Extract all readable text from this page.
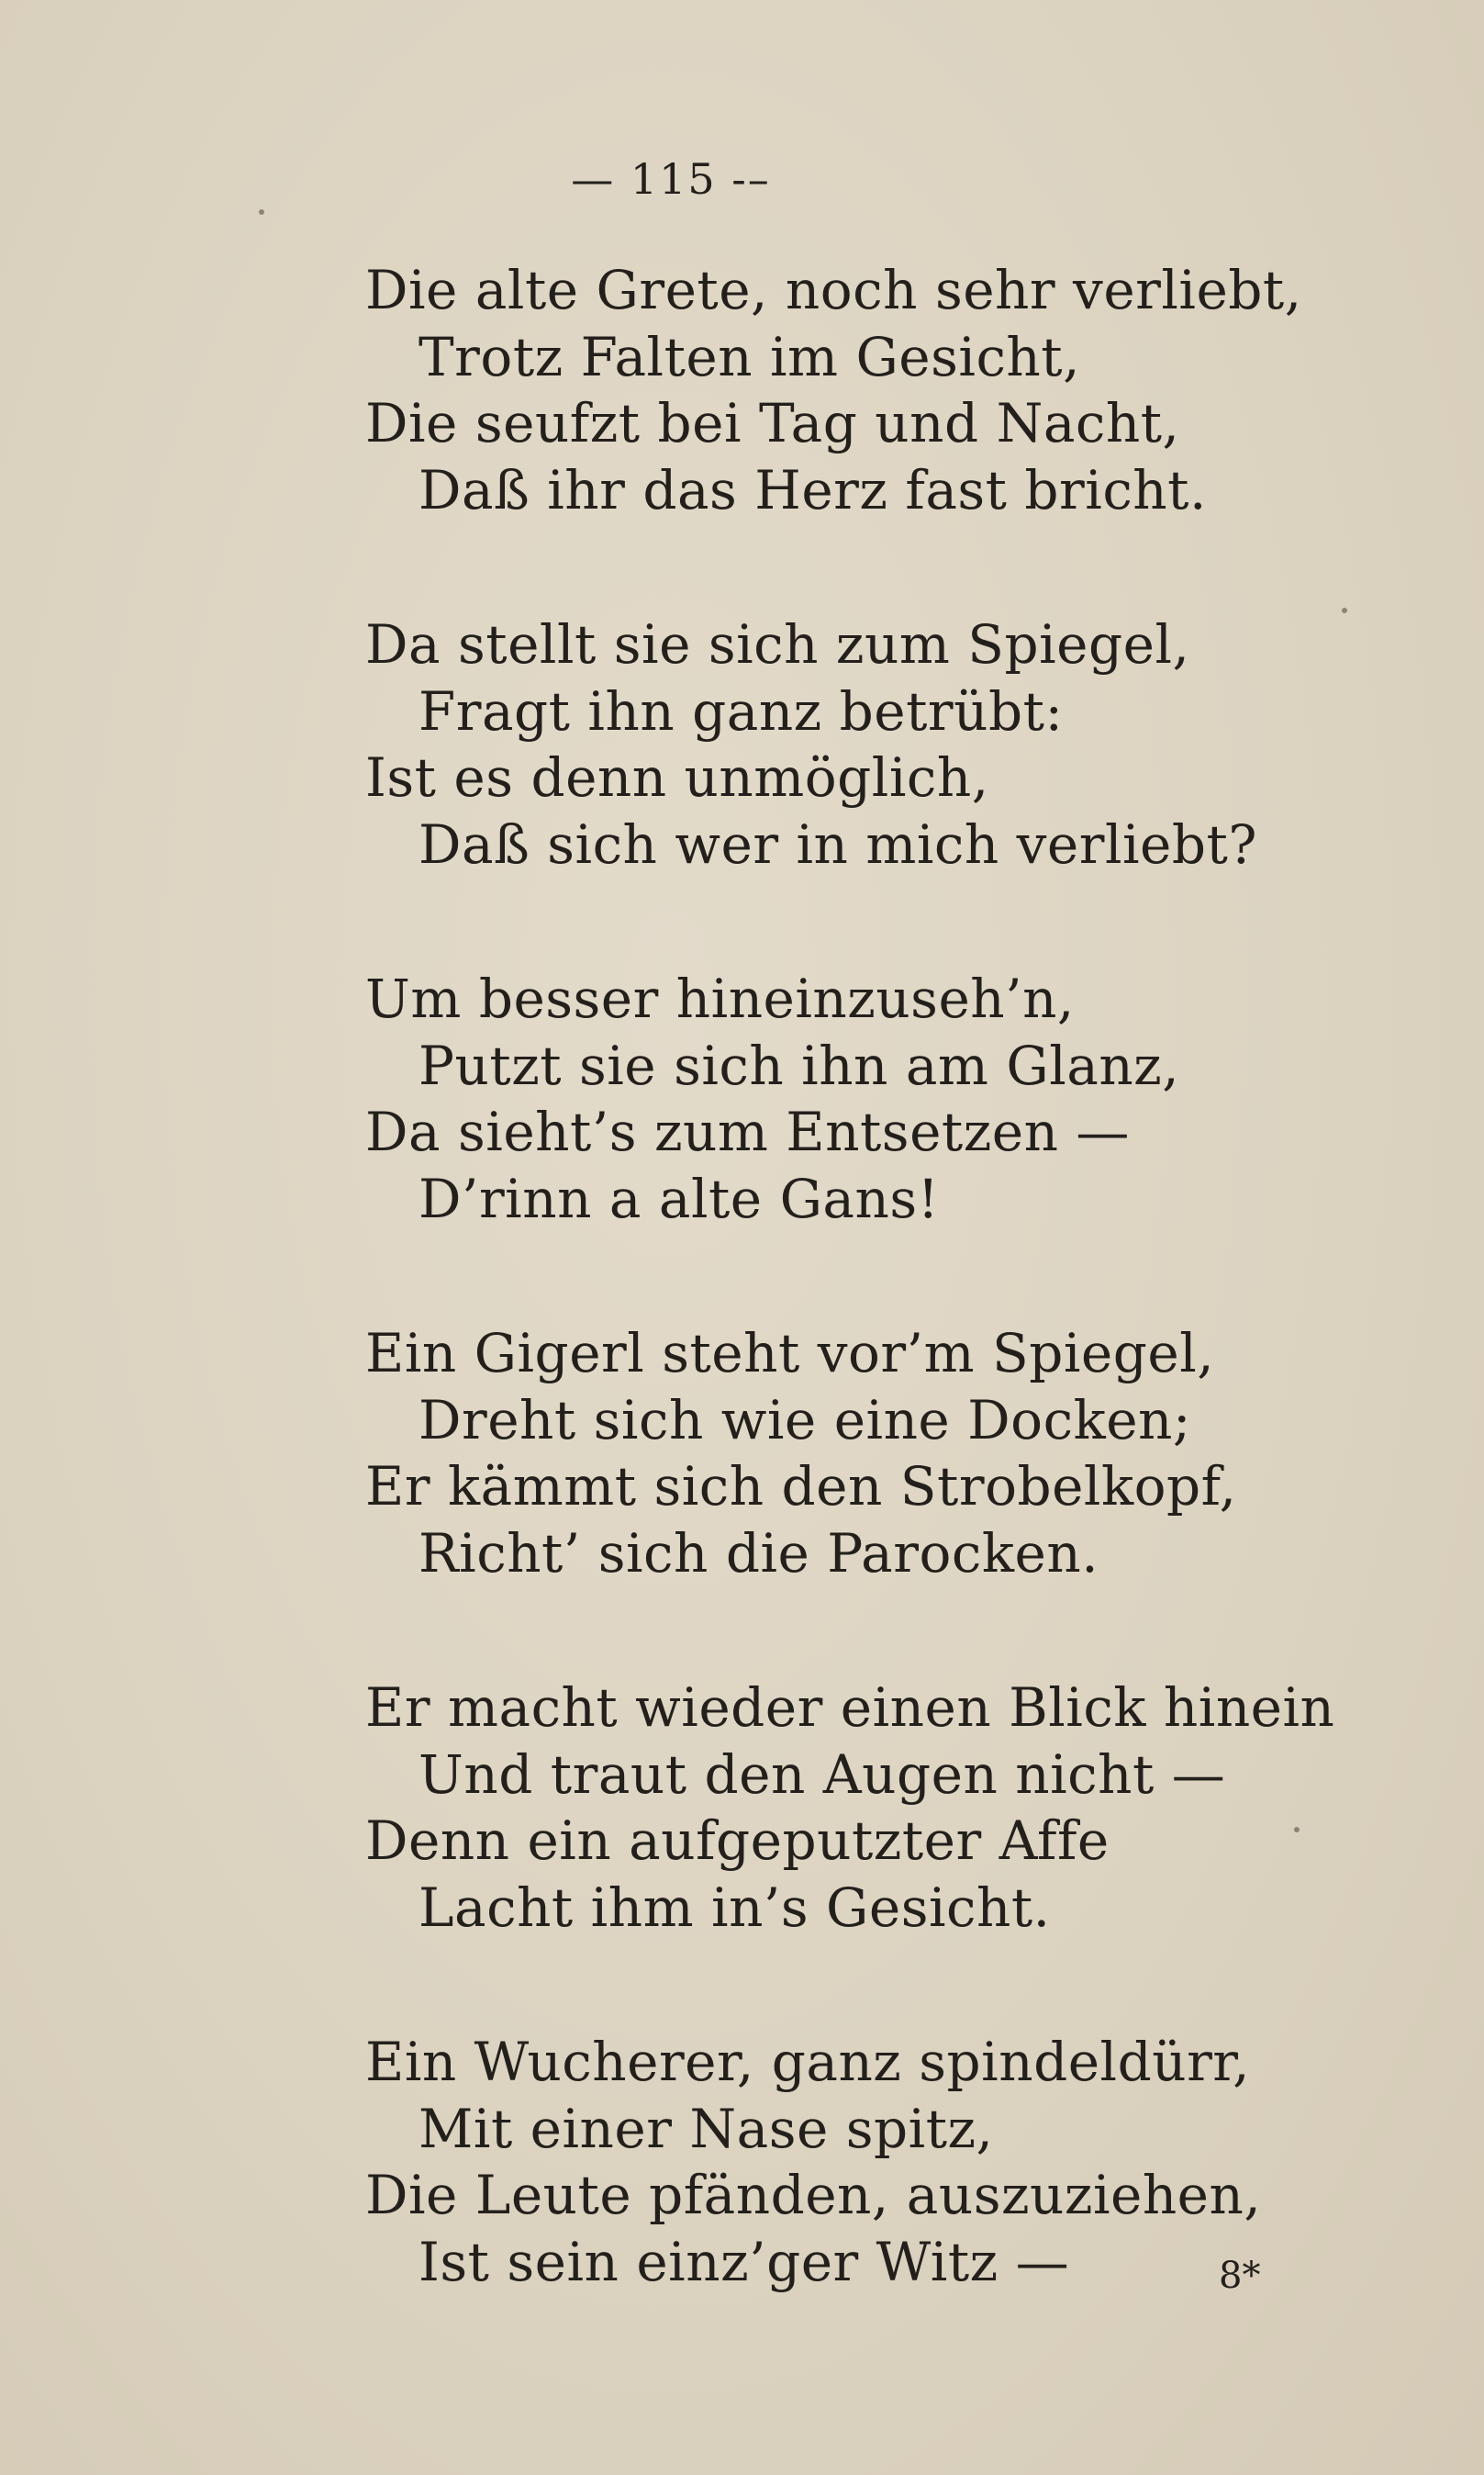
— 115 -–
Die alte Grete, noch sehr verliebt,
Trotz Falten im Gesicht,
Die seufzt bei Tag und Nacht,
Daß ihr das Herz fast bricht.
Da stellt sie sich zum Spiegel,
Fragt ihn ganz betrübt:
Ist es denn unmöglich,
Daß sich wer in mich verliebt?
Um besser hineinzuseh’n,
Putzt sie sich ihn am Glanz,
Da sieht’s zum Entsetzen —
D’rinn a alte Gans!
Ein Gigerl steht vor’m Spiegel,
Dreht sich wie eine Docken;
Er kämmt sich den Strobelkopf,
Richt’ sich die Parocken.
Er macht wieder einen Blick hinein
Und traut den Augen nicht —
Denn ein aufgeputzter Affe
Lacht ihm in’s Gesicht.
Ein Wucherer, ganz spindeldürr,
Mit einer Nase spitz,
Die Leute pfänden, auszuziehen,
Ist sein einz’ger Witz —	8*
